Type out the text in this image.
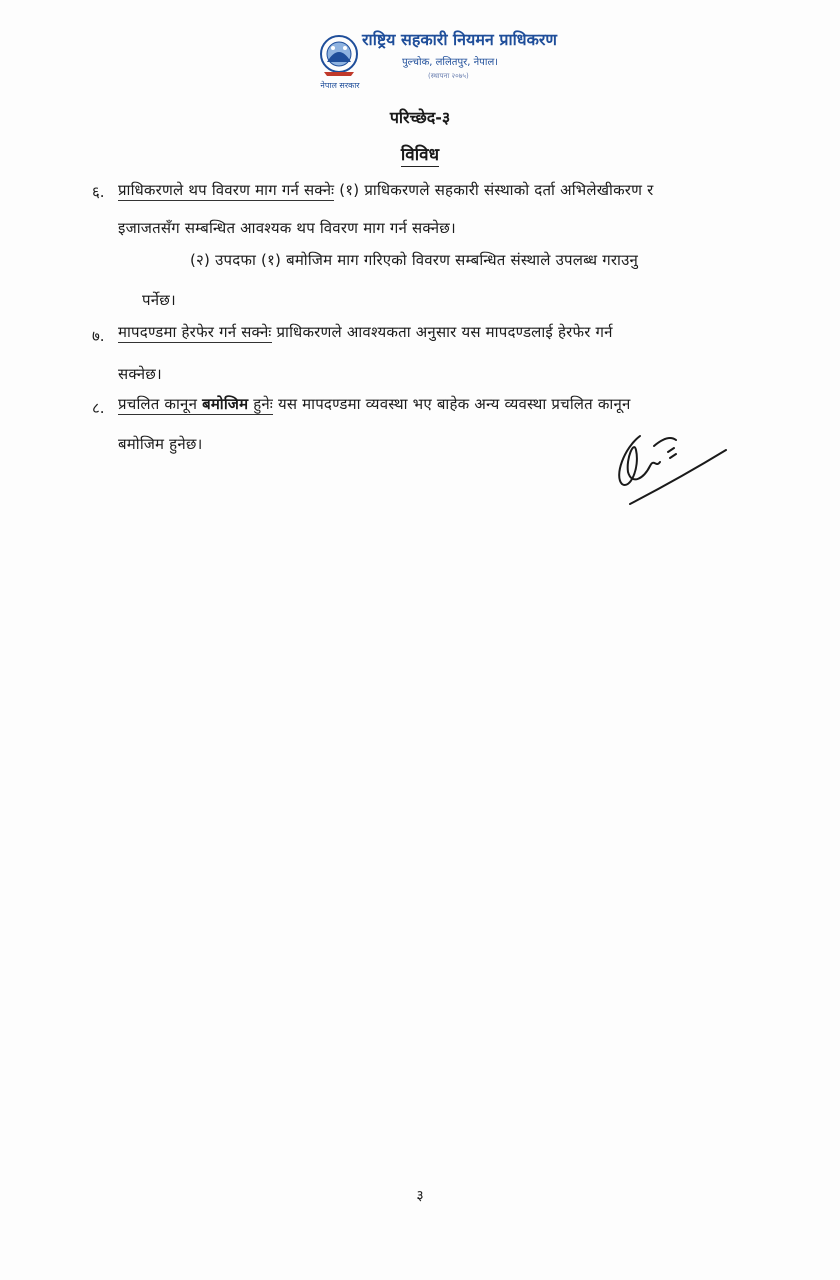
नेपाल सरकार
राष्ट्रिय सहकारी नियमन प्राधिकरण
पुल्चोक, ललितपुर, नेपाल।
(स्थापना २०७५)
परिच्छेद-३
विविध
६. प्राधिकरणले थप विवरण माग गर्न सक्नेः (१) प्राधिकरणले सहकारी संस्थाको दर्ता अभिलेखीकरण र
इजाजतसँग सम्बन्धित आवश्यक थप विवरण माग गर्न सक्नेछ।
(२) उपदफा (१) बमोजिम माग गरिएको विवरण सम्बन्धित संस्थाले उपलब्ध गराउनु
पर्नेछ।
७. मापदण्डमा हेरफेर गर्न सक्नेः प्राधिकरणले आवश्यकता अनुसार यस मापदण्डलाई हेरफेर गर्न
सक्नेछ।
८. प्रचलित कानून बमोजिम हुनेः यस मापदण्डमा व्यवस्था भए बाहेक अन्य व्यवस्था प्रचलित कानून
बमोजिम हुनेछ।
३
